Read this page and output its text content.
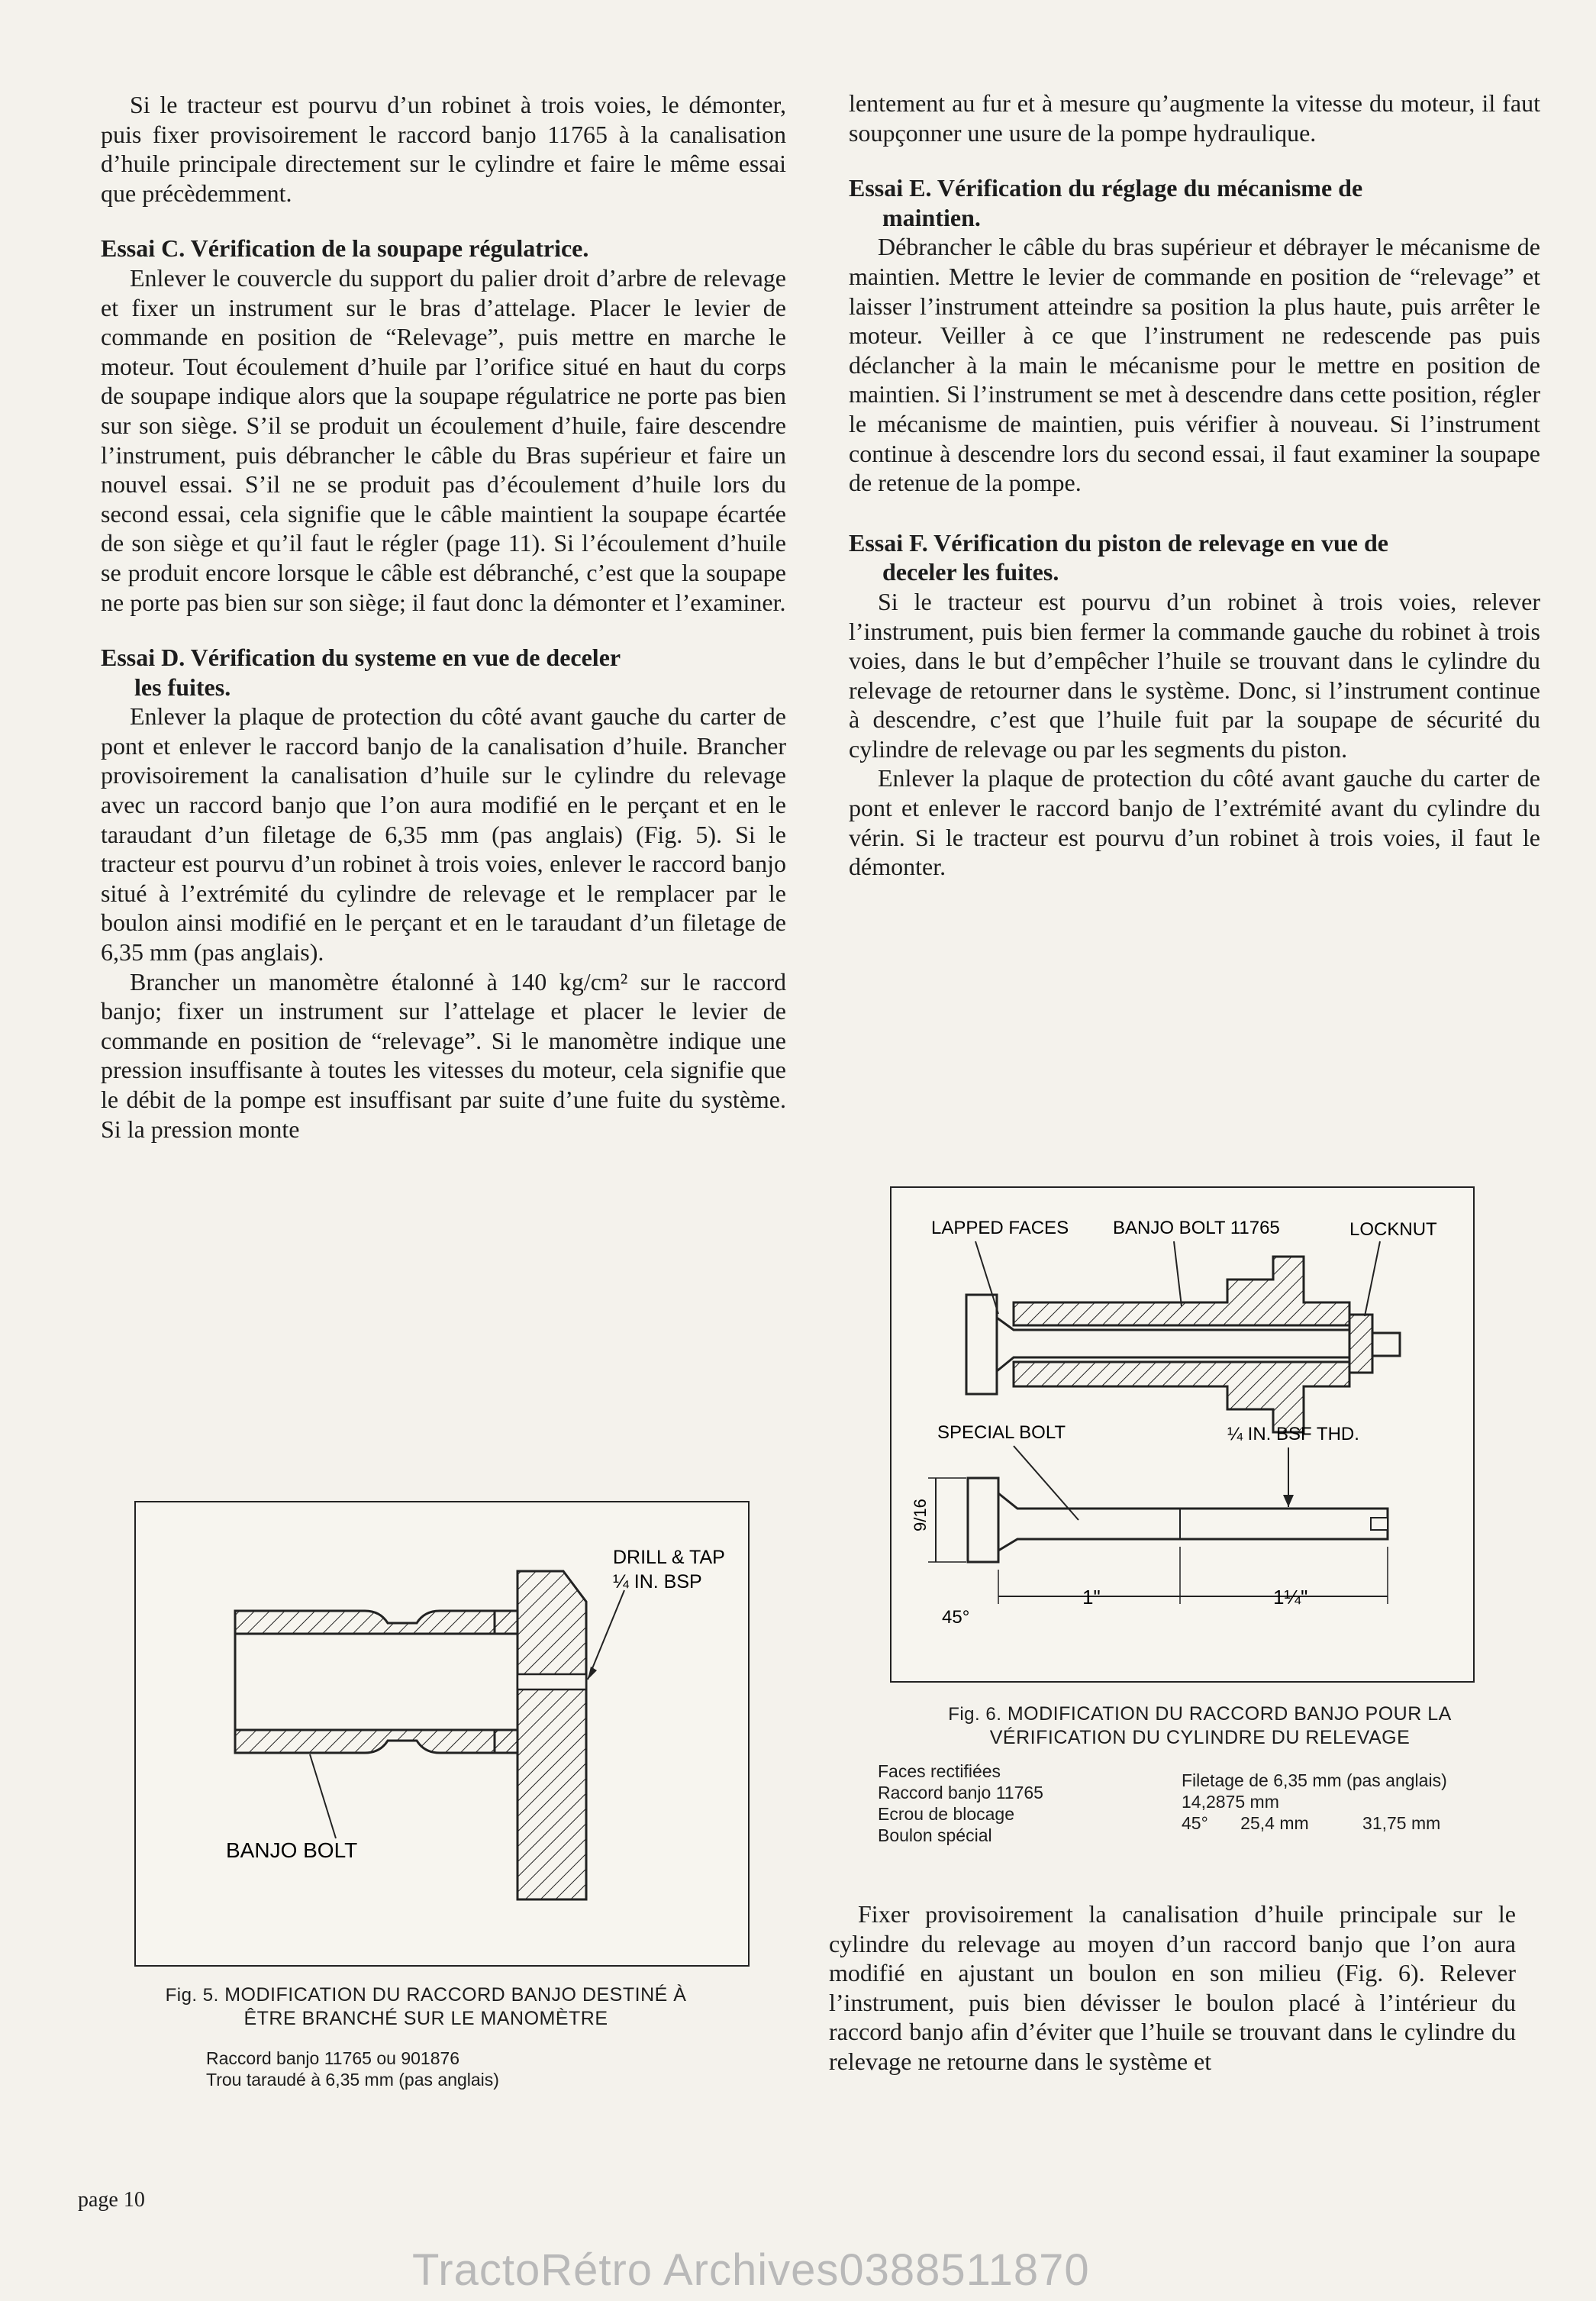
Si le tracteur est pourvu d’un robinet à trois voies, le démonter, puis fixer provisoirement le raccord banjo 11765 à la canalisation d’huile principale directement sur le cylindre et faire le même essai que précèdemment.

Essai C. Vérification de la soupape régulatrice.

Enlever le couvercle du support du palier droit d’arbre de relevage et fixer un instrument sur le bras d’attelage. Placer le levier de commande en position de “Relevage”, puis mettre en marche le moteur. Tout écoulement d’huile par l’orifice situé en haut du corps de soupape indique alors que la soupape régulatrice ne porte pas bien sur son siège. S’il se produit un écoulement d’huile, faire descendre l’instrument, puis débrancher le câble du Bras supérieur et faire un nouvel essai. S’il ne se produit pas d’écoulement d’huile lors du second essai, cela signifie que le câble maintient la soupape écartée de son siège et qu’il faut le régler (page 11). Si l’écoulement d’huile se produit encore lorsque le câble est débranché, c’est que la soupape ne porte pas bien sur son siège; il faut donc la démonter et l’examiner.

Essai D. Vérification du systeme en vue de deceler
les fuites.

Enlever la plaque de protection du côté avant gauche du carter de pont et enlever le raccord banjo de la canalisation d’huile. Brancher provisoirement la canalisation d’huile sur le cylindre du relevage avec un raccord banjo que l’on aura modifié en le perçant et en le taraudant d’un filetage de 6,35 mm (pas anglais) (Fig. 5). Si le tracteur est pourvu d’un robinet à trois voies, enlever le raccord banjo situé à l’extrémité du cylindre de relevage et le remplacer par le boulon ainsi modifié en le perçant et en le taraudant d’un filetage de 6,35 mm (pas anglais).

Brancher un manomètre étalonné à 140 kg/cm² sur le raccord banjo; fixer un instrument sur l’attelage et placer le levier de commande en position de “relevage”. Si le manomètre indique une pression insuffisante à toutes les vitesses du moteur, cela signifie que le débit de la pompe est insuffisant par suite d’une fuite du système. Si la pression monte

lentement au fur et à mesure qu’augmente la vitesse du moteur, il faut soupçonner une usure de la pompe hydraulique.

Essai E. Vérification du réglage du mécanisme de
maintien.

Débrancher le câble du bras supérieur et débrayer le mécanisme de maintien. Mettre le levier de commande en position de “relevage” et laisser l’instrument atteindre sa position la plus haute, puis arrêter le moteur. Veiller à ce que l’instrument ne redescende pas puis déclancher à la main le mécanisme pour le mettre en position de maintien. Si l’instrument se met à descendre dans cette position, régler le mécanisme de maintien, puis vérifier à nouveau. Si l’instrument continue à descendre lors du second essai, il faut examiner la soupape de retenue de la pompe.

Essai F. Vérification du piston de relevage en vue de
deceler les fuites.

Si le tracteur est pourvu d’un robinet à trois voies, relever l’instrument, puis bien fermer la commande gauche du robinet à trois voies, dans le but d’empêcher l’huile se trouvant dans le cylindre du relevage de retourner dans le système. Donc, si l’instrument continue à descendre, c’est que l’huile fuit par la soupape de sécurité du cylindre de relevage ou par les segments du piston.

Enlever la plaque de protection du côté avant gauche du carter de pont et enlever le raccord banjo de l’extrémité avant du cylindre du vérin. Si le tracteur est pourvu d’un robinet à trois voies, il faut le démonter.

DRILL & TAP
¼ IN. BSP
BANJO BOLT
Fig. 5. MODIFICATION DU RACCORD BANJO DESTINÉ À
ÊTRE BRANCHÉ SUR LE MANOMÈTRE
Raccord banjo 11765 ou 901876
Trou taraudé à 6,35 mm (pas anglais)
LAPPED FACES BANJO BOLT 11765	LOCKNUT
SPECIAL BOLT	¼ IN. BSF THD.
9/16
45°
1"	1¼"
Fig. 6. MODIFICATION DU RACCORD BANJO POUR LA
VÉRIFICATION DU CYLINDRE DU RELEVAGE
Faces rectifiées
Raccord banjo 11765
Ecrou de blocage
Boulon spécial
Filetage de 6,35 mm (pas anglais)
14,2875 mm
45° 25,4 mm	31,75 mm

Fixer provisoirement la canalisation d’huile principale sur le cylindre du relevage au moyen d’un raccord banjo que l’on aura modifié en ajustant un boulon en son milieu (Fig. 6). Relever l’instrument, puis bien dévisser le boulon placé à l’intérieur du raccord banjo afin d’éviter que l’huile se trouvant dans le cylindre du relevage ne retourne dans le système et

page 10
TractoRétro Archives0388511870
